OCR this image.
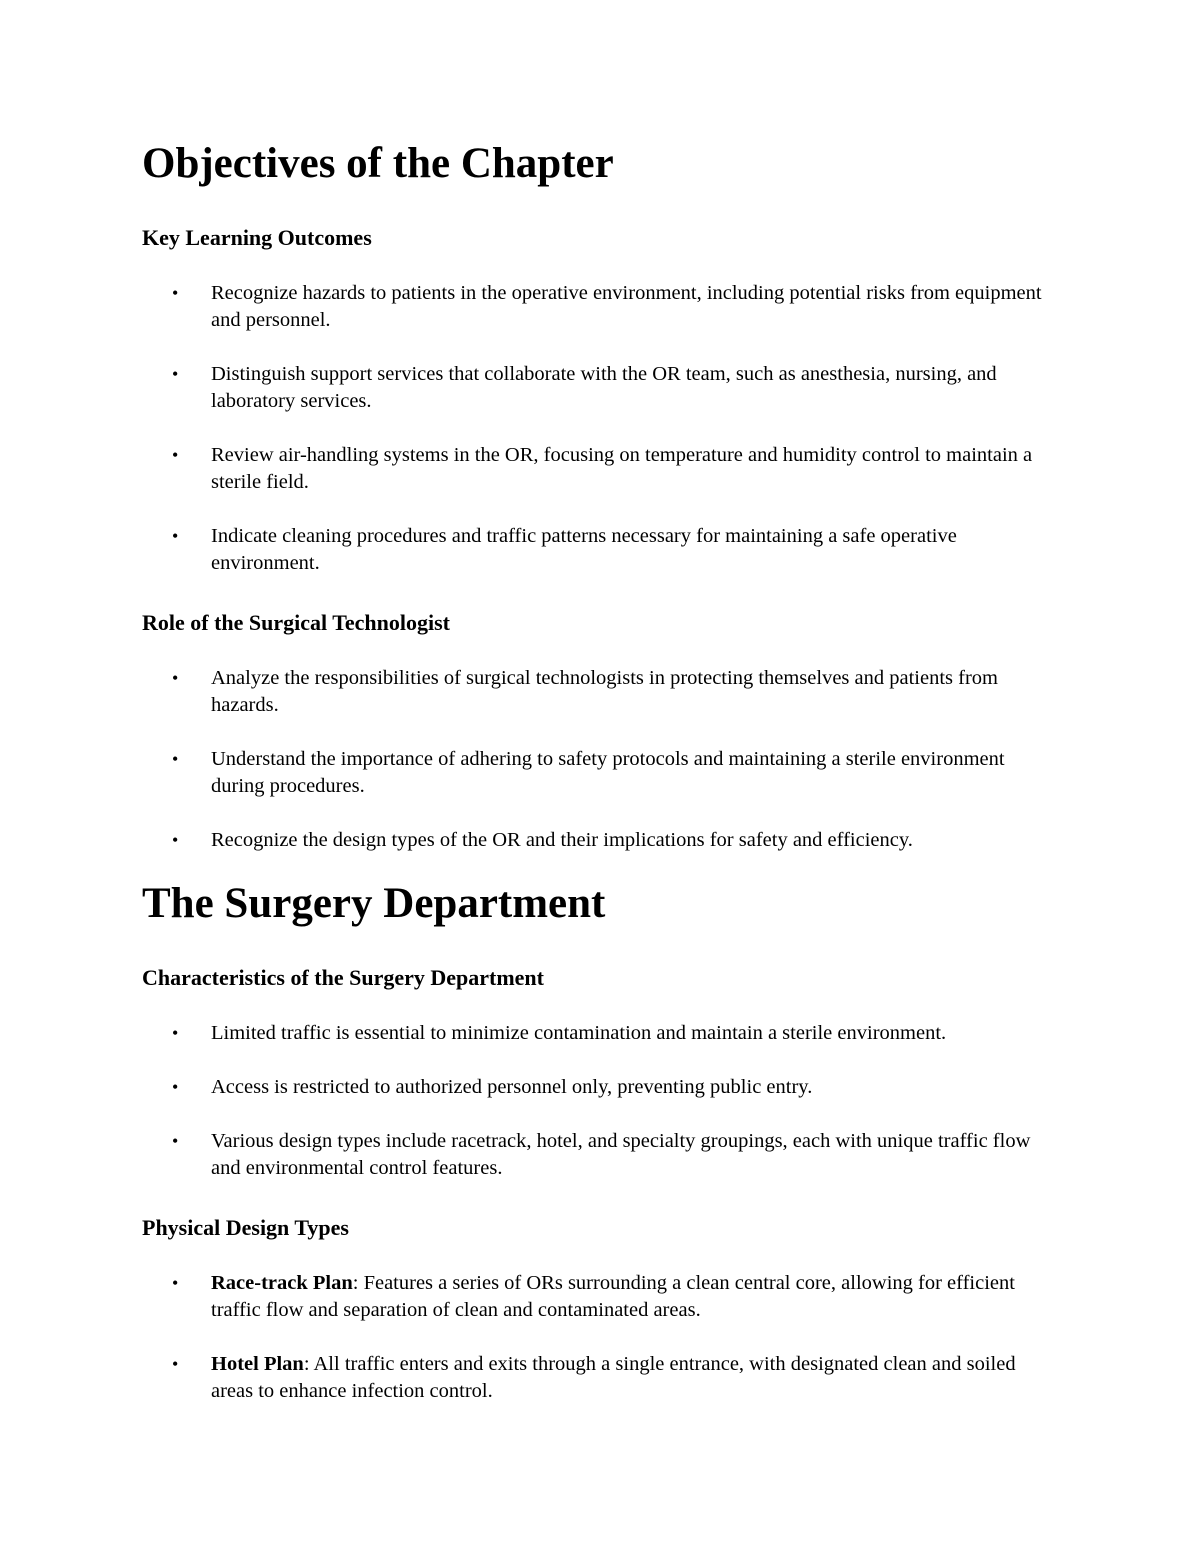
Objectives of the Chapter
Key Learning Outcomes
• Recognize hazards to patients in the operative environment, including potential risks from equipment and personnel.
• Distinguish support services that collaborate with the OR team, such as anesthesia, nursing, and laboratory services.
• Review air-handling systems in the OR, focusing on temperature and humidity control to maintain a sterile field.
• Indicate cleaning procedures and traffic patterns necessary for maintaining a safe operative environment.
Role of the Surgical Technologist
• Analyze the responsibilities of surgical technologists in protecting themselves and patients from hazards.
• Understand the importance of adhering to safety protocols and maintaining a sterile environment during procedures.
• Recognize the design types of the OR and their implications for safety and efficiency.
The Surgery Department
Characteristics of the Surgery Department
• Limited traffic is essential to minimize contamination and maintain a sterile environment.
• Access is restricted to authorized personnel only, preventing public entry.
• Various design types include racetrack, hotel, and specialty groupings, each with unique traffic flow and environmental control features.
Physical Design Types
• Race-track Plan: Features a series of ORs surrounding a clean central core, allowing for efficient traffic flow and separation of clean and contaminated areas.
• Hotel Plan: All traffic enters and exits through a single entrance, with designated clean and soiled areas to enhance infection control.
